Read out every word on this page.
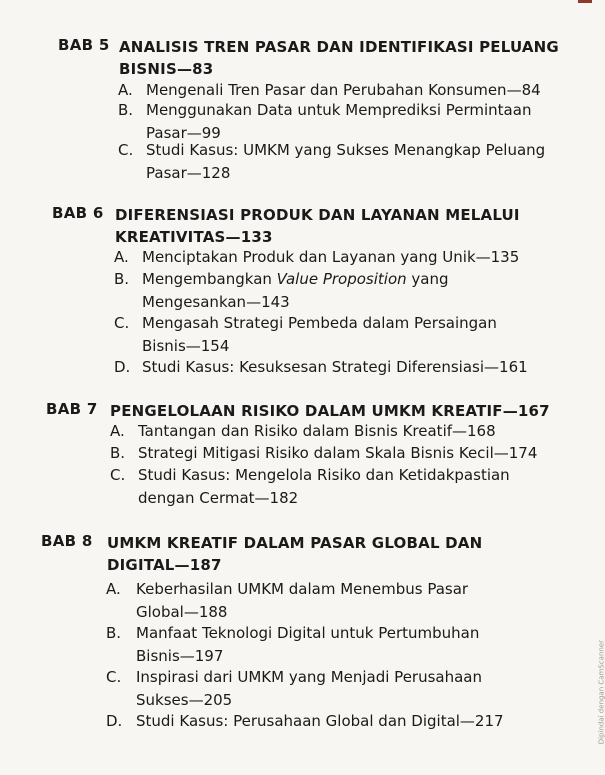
BAB 5 ANALISIS TREN PASAR DAN IDENTIFIKASI PELUANG
BISNIS—83
A. Mengenali Tren Pasar dan Perubahan Konsumen—84
B. Menggunakan Data untuk Memprediksi Permintaan
Pasar—99
C. Studi Kasus: UMKM yang Sukses Menangkap Peluang
Pasar—128
BAB 6 DIFERENSIASI PRODUK DAN LAYANAN MELALUI
KREATIVITAS—133
A. Menciptakan Produk dan Layanan yang Unik—135
B. Mengembangkan Value Proposition yang
Mengesankan—143
C. Mengasah Strategi Pembeda dalam Persaingan
Bisnis—154
D. Studi Kasus: Kesuksesan Strategi Diferensiasi—161
BAB 7 PENGELOLAAN RISIKO DALAM UMKM KREATIF—167
A. Tantangan dan Risiko dalam Bisnis Kreatif—168
B. Strategi Mitigasi Risiko dalam Skala Bisnis Kecil—174
C. Studi Kasus: Mengelola Risiko dan Ketidakpastian
dengan Cermat—182
BAB 8 UMKM KREATIF DALAM PASAR GLOBAL DAN
DIGITAL—187
A. Keberhasilan UMKM dalam Menembus Pasar
Global—188
B. Manfaat Teknologi Digital untuk Pertumbuhan
Bisnis—197
C. Inspirasi dari UMKM yang Menjadi Perusahaan
Sukses—205
D. Studi Kasus: Perusahaan Global dan Digital—217	Dipindai dengan CamScanner
